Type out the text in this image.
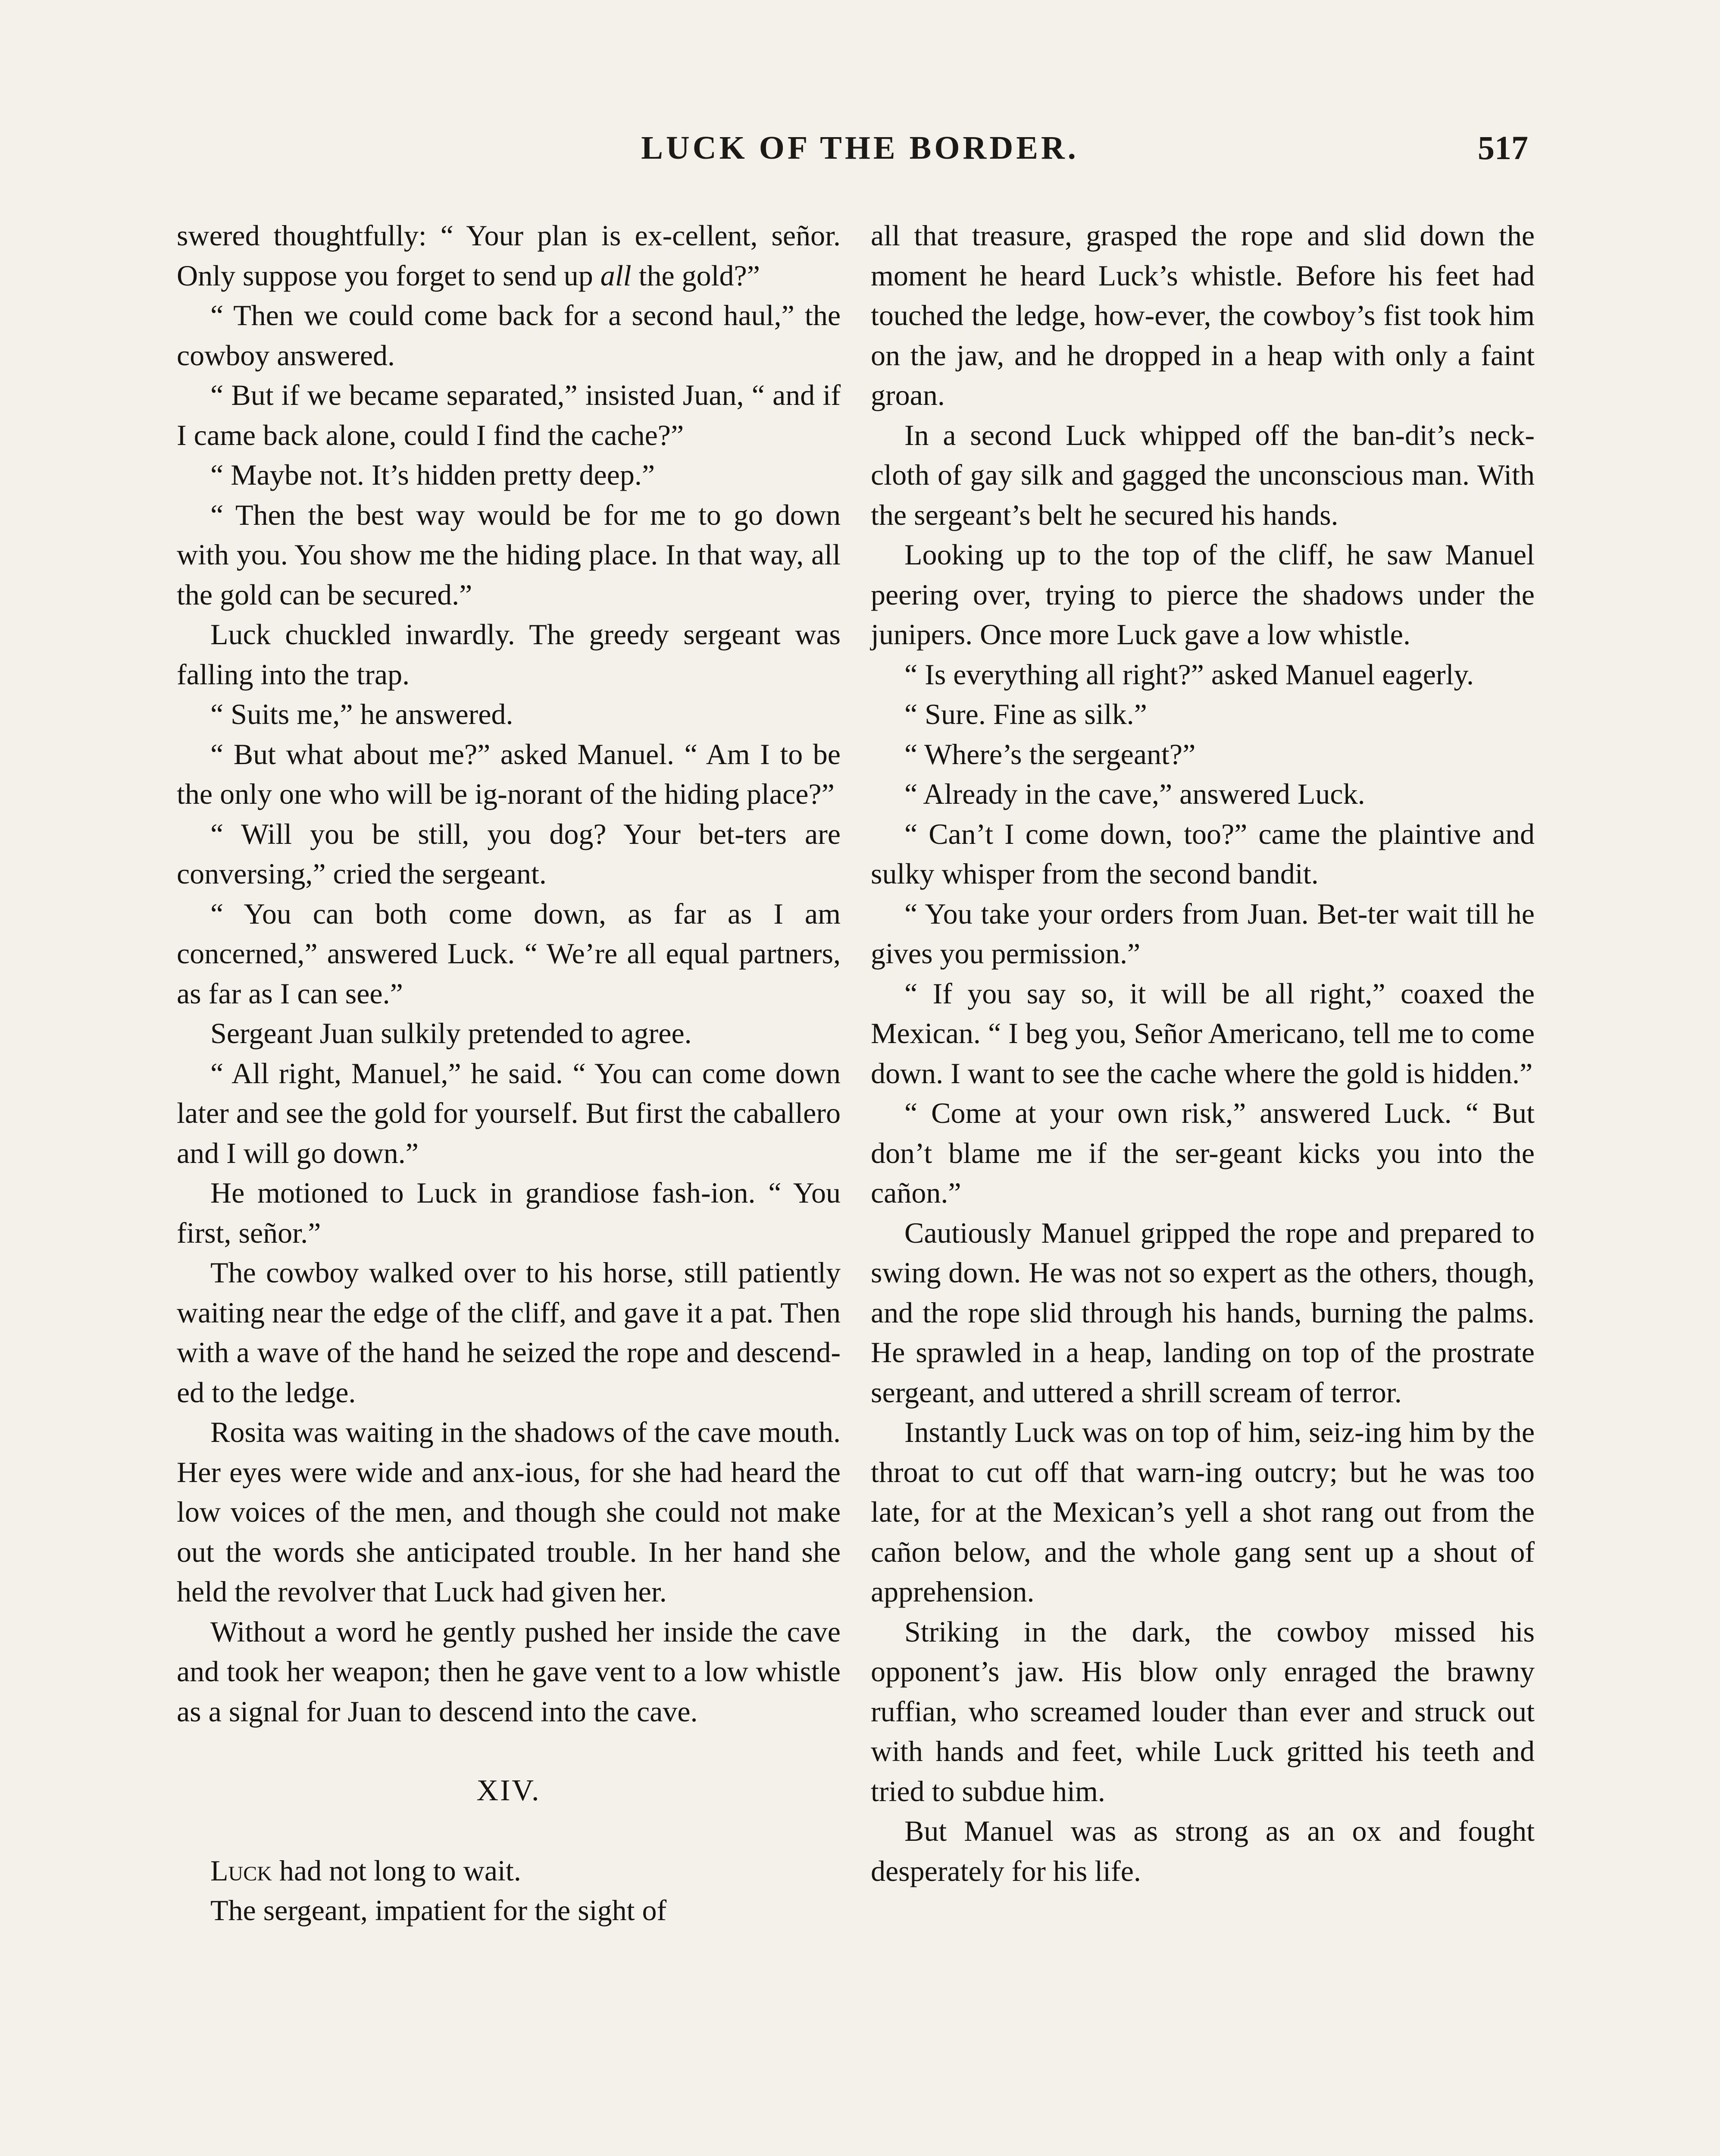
LUCK OF THE BORDER.	517

swered thoughtfully: “ Your plan is ex-cellent, señor. Only suppose you forget to send up all the gold?”

“ Then we could come back for a second haul,” the cowboy answered.

“ But if we became separated,” insisted Juan, “ and if I came back alone, could I find the cache?”

“ Maybe not. It’s hidden pretty deep.”

“ Then the best way would be for me to go down with you. You show me the hiding place. In that way, all the gold can be secured.”

Luck chuckled inwardly. The greedy sergeant was falling into the trap.

“ Suits me,” he answered.

“ But what about me?” asked Manuel. “ Am I to be the only one who will be ig-norant of the hiding place?”

“ Will you be still, you dog? Your bet-ters are conversing,” cried the sergeant.

“ You can both come down, as far as I am concerned,” answered Luck. “ We’re all equal partners, as far as I can see.”

Sergeant Juan sulkily pretended to agree.

“ All right, Manuel,” he said. “ You can come down later and see the gold for yourself. But first the caballero and I will go down.”

He motioned to Luck in grandiose fash-ion. “ You first, señor.”

The cowboy walked over to his horse, still patiently waiting near the edge of the cliff, and gave it a pat. Then with a wave of the hand he seized the rope and descend-ed to the ledge.

Rosita was waiting in the shadows of the cave mouth. Her eyes were wide and anx-ious, for she had heard the low voices of the men, and though she could not make out the words she anticipated trouble. In her hand she held the revolver that Luck had given her.

Without a word he gently pushed her inside the cave and took her weapon; then he gave vent to a low whistle as a signal for Juan to descend into the cave.

XIV.

Luck had not long to wait.

The sergeant, impatient for the sight of

all that treasure, grasped the rope and slid down the moment he heard Luck’s whistle. Before his feet had touched the ledge, how-ever, the cowboy’s fist took him on the jaw, and he dropped in a heap with only a faint groan.

In a second Luck whipped off the ban-dit’s neck-cloth of gay silk and gagged the unconscious man. With the sergeant’s belt he secured his hands.

Looking up to the top of the cliff, he saw Manuel peering over, trying to pierce the shadows under the junipers. Once more Luck gave a low whistle.

“ Is everything all right?” asked Manuel eagerly.

“ Sure. Fine as silk.”

“ Where’s the sergeant?”

“ Already in the cave,” answered Luck.

“ Can’t I come down, too?” came the plaintive and sulky whisper from the second bandit.

“ You take your orders from Juan. Bet-ter wait till he gives you permission.”

“ If you say so, it will be all right,” coaxed the Mexican. “ I beg you, Señor Americano, tell me to come down. I want to see the cache where the gold is hidden.”

“ Come at your own risk,” answered Luck. “ But don’t blame me if the ser-geant kicks you into the cañon.”

Cautiously Manuel gripped the rope and prepared to swing down. He was not so expert as the others, though, and the rope slid through his hands, burning the palms. He sprawled in a heap, landing on top of the prostrate sergeant, and uttered a shrill scream of terror.

Instantly Luck was on top of him, seiz-ing him by the throat to cut off that warn-ing outcry; but he was too late, for at the Mexican’s yell a shot rang out from the cañon below, and the whole gang sent up a shout of apprehension.

Striking in the dark, the cowboy missed his opponent’s jaw. His blow only enraged the brawny ruffian, who screamed louder than ever and struck out with hands and feet, while Luck gritted his teeth and tried to subdue him.

But Manuel was as strong as an ox and fought desperately for his life.
